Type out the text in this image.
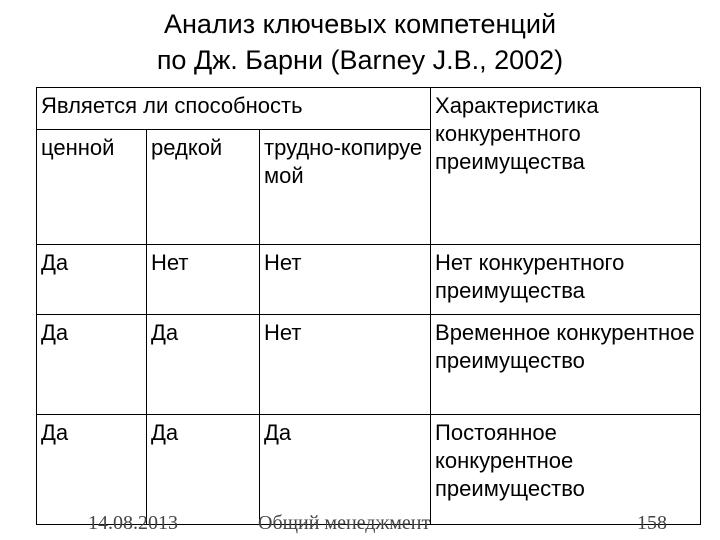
Анализ ключевых компетенций
по Дж. Барни (Barney J.B., 2002)
Является ли способность			Характеристика конкурентного преимущества
ценной	редкой	трудно-копируемой	
Да	Нет	Нет	Нет конкурентного преимущества
Да	Да	Нет	Временное конкурентное преимущество
Да	Да	Да	Постоянное конкурентное преимущество
14.08.2013	Общий менеджмент	158
